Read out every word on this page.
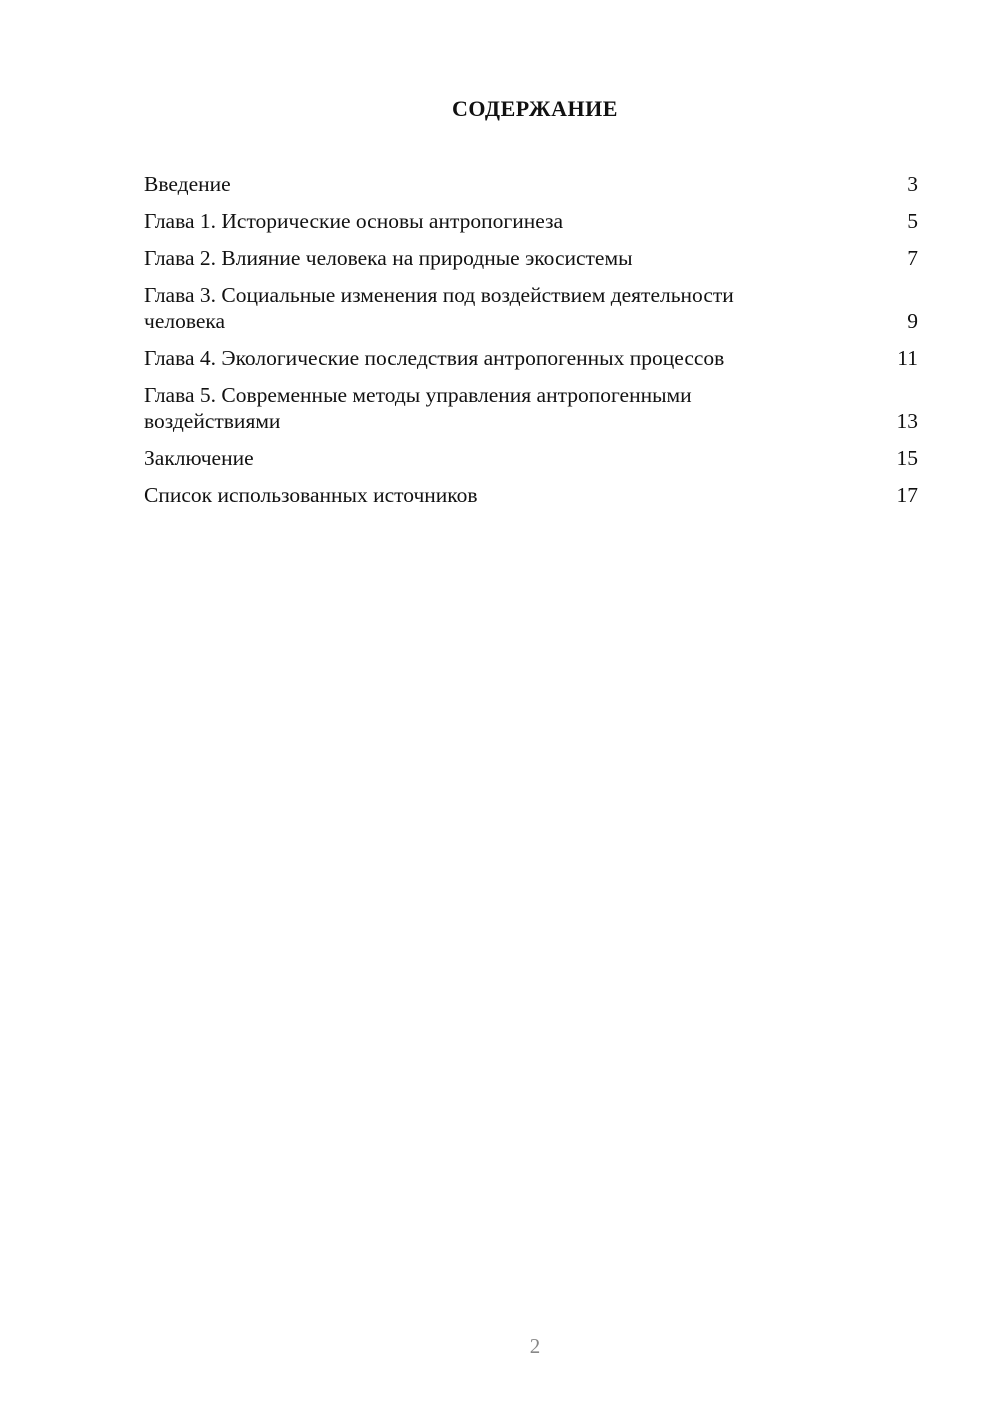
СОДЕРЖАНИЕ
Введение	3
Глава 1. Исторические основы антропогинеза	5
Глава 2. Влияние человека на природные экосистемы	7
Глава 3. Социальные изменения под воздействием деятельности человека	9
Глава 4. Экологические последствия антропогенных процессов	11
Глава 5. Современные методы управления антропогенными воздействиями	13
Заключение	15
Список использованных источников	17
2
